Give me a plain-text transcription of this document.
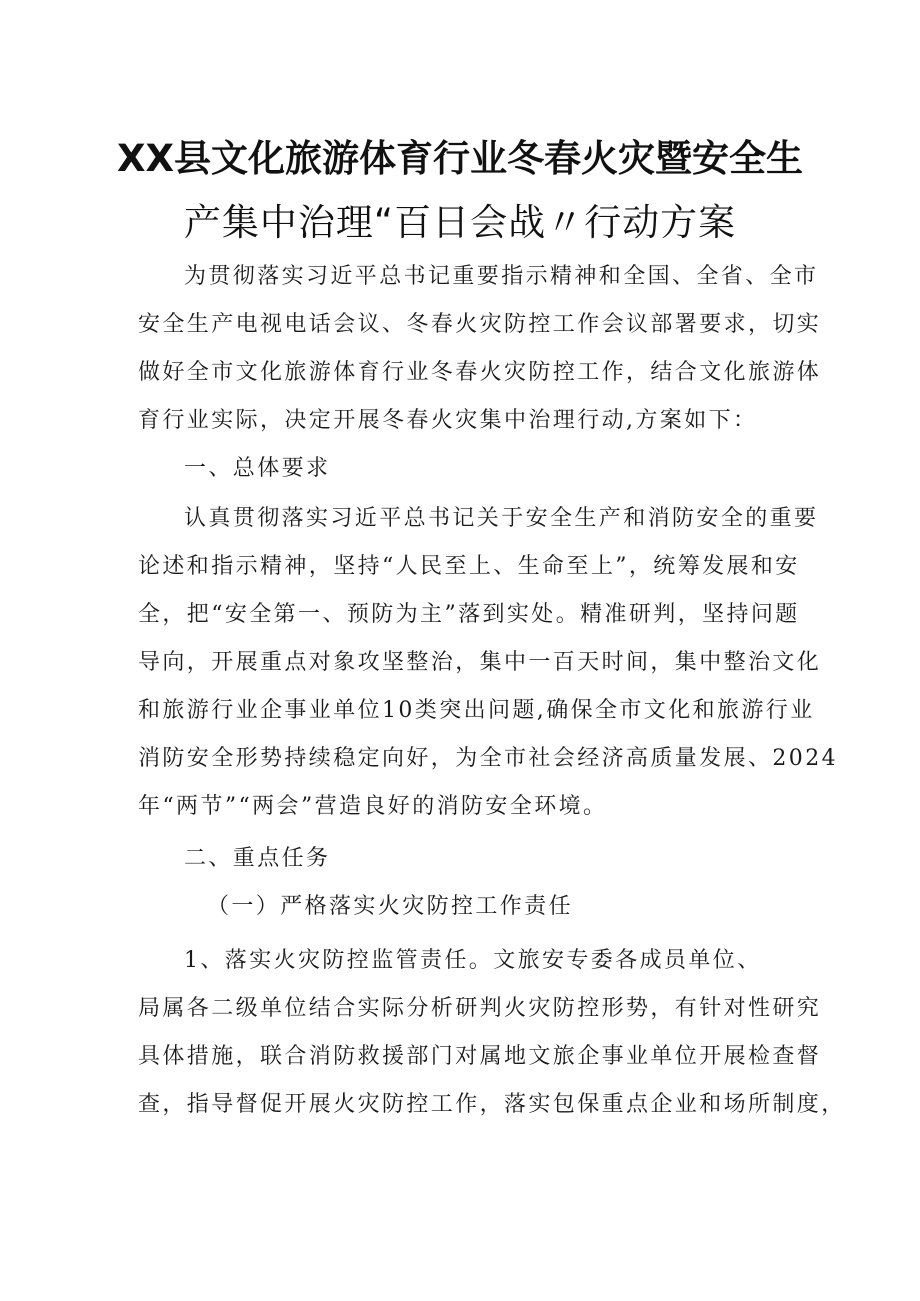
XX县文化旅游体育行业冬春火灾暨安全生
产集中治理“百日会战〃行动方案
为贯彻落实习近平总书记重要指示精神和全国、全省、全市
安全生产电视电话会议、冬春火灾防控工作会议部署要求，切实
做好全市文化旅游体育行业冬春火灾防控工作，结合文化旅游体
育行业实际，决定开展冬春火灾集中治理行动,方案如下：
一、总体要求
认真贯彻落实习近平总书记关于安全生产和消防安全的重要
论述和指示精神，坚持“人民至上、生命至上”，统筹发展和安
全，把“安全第一、预防为主”落到实处。精准研判，坚持问题
导向，开展重点对象攻坚整治，集中一百天时间，集中整治文化
和旅游行业企事业单位10类突出问题,确保全市文化和旅游行业
消防安全形势持续稳定向好，为全市社会经济高质量发展、2024
年“两节”“两会”营造良好的消防安全环境。
二、重点任务
（一）严格落实火灾防控工作责任
1、落实火灾防控监管责任。文旅安专委各成员单位、
局属各二级单位结合实际分析研判火灾防控形势，有针对性研究
具体措施，联合消防救援部门对属地文旅企事业单位开展检查督
查，指导督促开展火灾防控工作，落实包保重点企业和场所制度，
